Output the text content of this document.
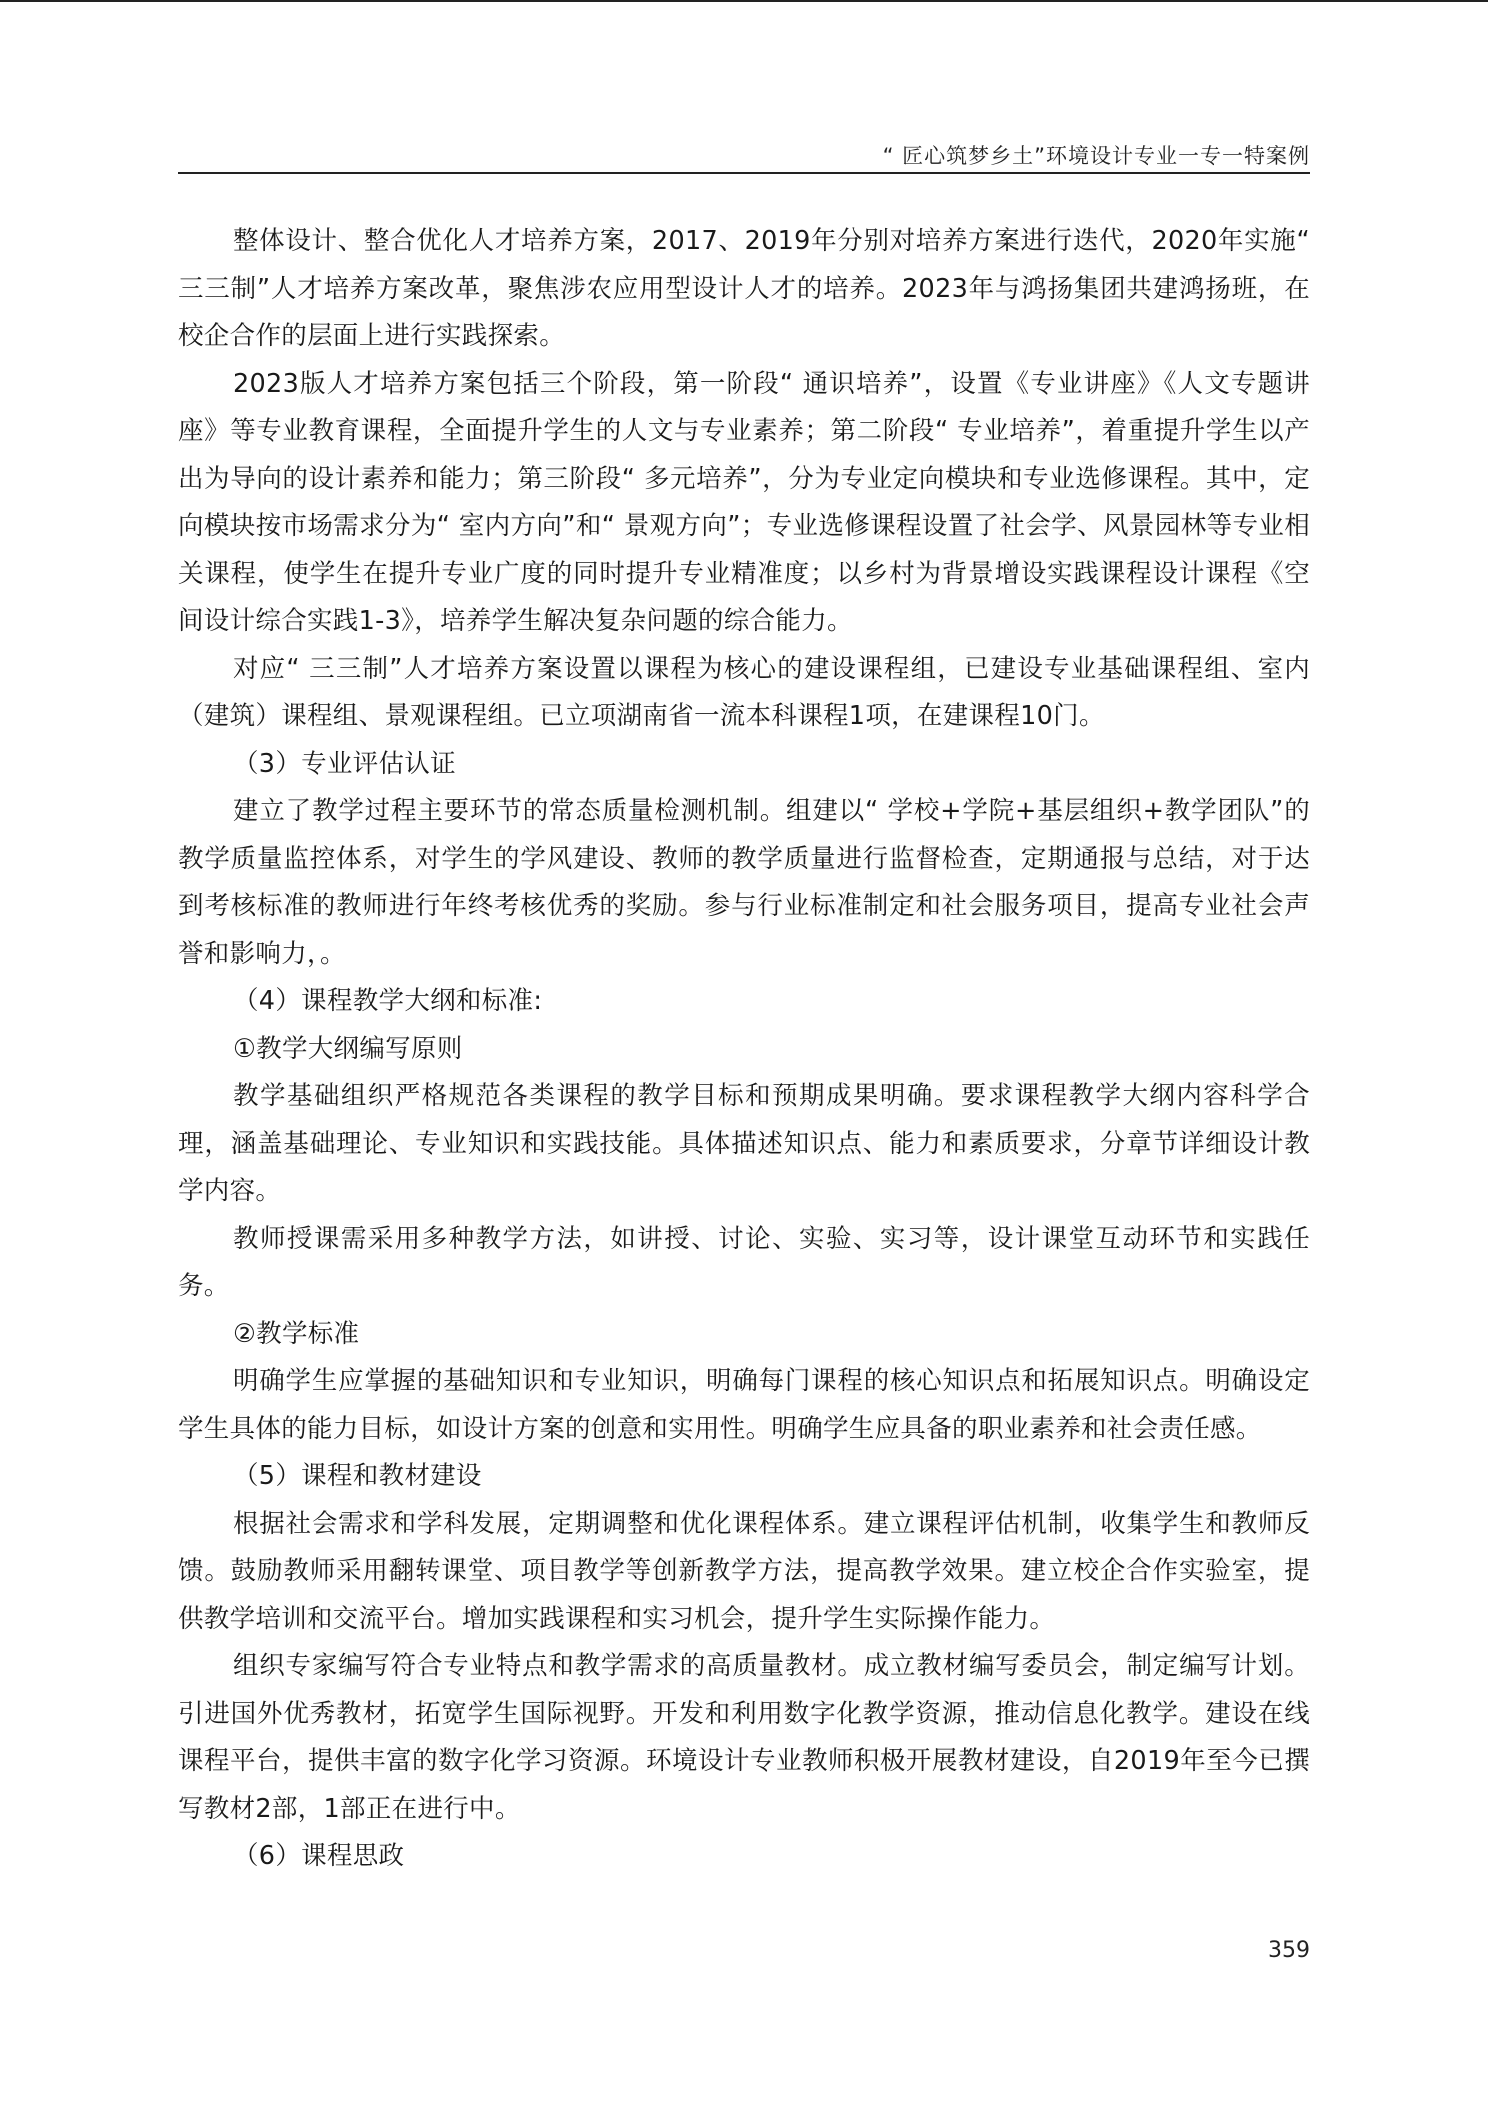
“ 匠心筑梦乡土”环境设计专业一专一特案例

整体设计、整合优化人才培养方案，2017、2019年分别对培养方案进行迭代，2020年实施“ 三三制”人才培养方案改革，聚焦涉农应用型设计人才的培养。2023年与鸿扬集团共建鸿扬班，在校企合作的层面上进行实践探索。

2023版人才培养方案包括三个阶段，第一阶段“ 通识培养”，设置《专业讲座》《人文专题讲座》等专业教育课程，全面提升学生的人文与专业素养；第二阶段“ 专业培养”，着重提升学生以产出为导向的设计素养和能力；第三阶段“ 多元培养”，分为专业定向模块和专业选修课程。其中，定向模块按市场需求分为“ 室内方向”和“ 景观方向”；专业选修课程设置了社会学、风景园林等专业相关课程，使学生在提升专业广度的同时提升专业精准度；以乡村为背景增设实践课程设计课程《空间设计综合实践1-3》，培养学生解决复杂问题的综合能力。

对应“ 三三制”人才培养方案设置以课程为核心的建设课程组，已建设专业基础课程组、室内（建筑）课程组、景观课程组。已立项湖南省一流本科课程1项，在建课程10门。

（3）专业评估认证

建立了教学过程主要环节的常态质量检测机制。组建以“ 学校+学院+基层组织+教学团队”的教学质量监控体系，对学生的学风建设、教师的教学质量进行监督检查，定期通报与总结，对于达到考核标准的教师进行年终考核优秀的奖励。参与行业标准制定和社会服务项目，提高专业社会声誉和影响力，。

（4）课程教学大纲和标准:

①教学大纲编写原则

教学基础组织严格规范各类课程的教学目标和预期成果明确。要求课程教学大纲内容科学合理，涵盖基础理论、专业知识和实践技能。具体描述知识点、能力和素质要求，分章节详细设计教学内容。

教师授课需采用多种教学方法，如讲授、讨论、实验、实习等，设计课堂互动环节和实践任务。

②教学标准

明确学生应掌握的基础知识和专业知识，明确每门课程的核心知识点和拓展知识点。明确设定学生具体的能力目标，如设计方案的创意和实用性。明确学生应具备的职业素养和社会责任感。

（5）课程和教材建设

根据社会需求和学科发展，定期调整和优化课程体系。建立课程评估机制，收集学生和教师反馈。鼓励教师采用翻转课堂、项目教学等创新教学方法，提高教学效果。建立校企合作实验室，提供教学培训和交流平台。增加实践课程和实习机会，提升学生实际操作能力。

组织专家编写符合专业特点和教学需求的高质量教材。成立教材编写委员会，制定编写计划。引进国外优秀教材，拓宽学生国际视野。开发和利用数字化教学资源，推动信息化教学。建设在线课程平台，提供丰富的数字化学习资源。环境设计专业教师积极开展教材建设，自2019年至今已撰写教材2部，1部正在进行中。

（6）课程思政

359
